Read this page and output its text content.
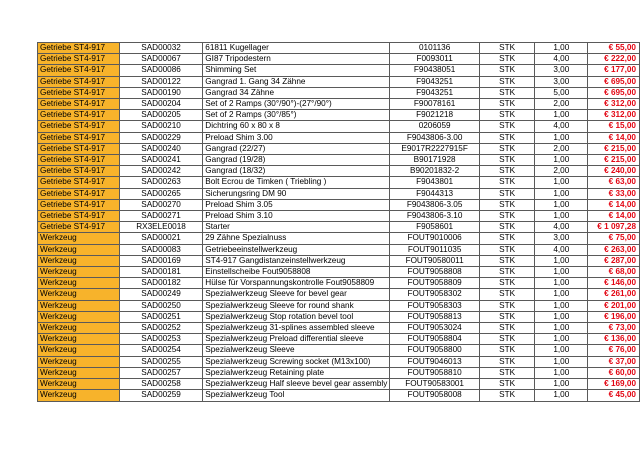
Getriebe ST4-917	SAD00032	61811 Kugellager	0101136	STK	1,00	€ 55,00
Getriebe ST4-917	SAD00067	GI87 Tripodestern	F0093011	STK	4,00	€ 222,00
Getriebe ST4-917	SAD00086	Shimming Set	F90438051	STK	3,00	€ 177,00
Getriebe ST4-917	SAD00122	Gangrad 1. Gang 34 Zähne	F9043251	STK	3,00	€ 695,00
Getriebe ST4-917	SAD00190	Gangrad 34 Zähne	F9043251	STK	5,00	€ 695,00
Getriebe ST4-917	SAD00204	Set of 2 Ramps (30°/90°)-(27°/90°)	F90078161	STK	2,00	€ 312,00
Getriebe ST4-917	SAD00205	Set of 2 Ramps (30°/85°)	F9021218	STK	1,00	€ 312,00
Getriebe ST4-917	SAD00210	Dichtring 60 x 80 x 8	0206059	STK	4,00	€ 15,00
Getriebe ST4-917	SAD00229	Preload Shim 3.00	F9043806-3.00	STK	1,00	€ 14,00
Getriebe ST4-917	SAD00240	Gangrad (22/27)	E9017R2227915F	STK	2,00	€ 215,00
Getriebe ST4-917	SAD00241	Gangrad (19/28)	B90171928	STK	1,00	€ 215,00
Getriebe ST4-917	SAD00242	Gangrad (18/32)	B90201832-2	STK	2,00	€ 240,00
Getriebe ST4-917	SAD00263	Bolt Ecrou de Timken ( Triebling )	F9043801	STK	1,00	€ 63,00
Getriebe ST4-917	SAD00265	Sicherungsring DM 90	F9044313	STK	1,00	€ 33,00
Getriebe ST4-917	SAD00270	Preload Shim 3.05	F9043806-3.05	STK	1,00	€ 14,00
Getriebe ST4-917	SAD00271	Preload Shim 3.10	F9043806-3.10	STK	1,00	€ 14,00
Getriebe ST4-917	RX3ELE0018	Starter	F9058601	STK	4,00	€ 1 097,28
Werkzeug	SAD00021	29 Zähne Spezialnuss	FOUT9010006	STK	3,00	€ 75,00
Werkzeug	SAD00083	Getriebeeinstellwerkzeug	FOUT9011035	STK	4,00	€ 263,00
Werkzeug	SAD00169	ST4-917 Gangdistanzeinstellwerkzeug	FOUT90580011	STK	1,00	€ 287,00
Werkzeug	SAD00181	Einstellscheibe Fout9058808	FOUT9058808	STK	1,00	€ 68,00
Werkzeug	SAD00182	Hülse für Vorspannungskontrolle Fout9058809	FOUT9058809	STK	1,00	€ 146,00
Werkzeug	SAD00249	Spezialwerkzeug Sleeve for bevel gear	FOUT9058302	STK	1,00	€ 261,00
Werkzeug	SAD00250	Spezialwerkzeug Sleeve for round shank	FOUT9058303	STK	1,00	€ 201,00
Werkzeug	SAD00251	Spezialwerkzeug Stop rotation bevel tool	FOUT9058813	STK	1,00	€ 196,00
Werkzeug	SAD00252	Spezialwerkzeug 31-splines assembled sleeve	FOUT9053024	STK	1,00	€ 73,00
Werkzeug	SAD00253	Spezialwerkzeug Preload differential sleeve	FOUT9058804	STK	1,00	€ 136,00
Werkzeug	SAD00254	Spezialwerkzeug Sleeve	FOUT9058800	STK	1,00	€ 76,00
Werkzeug	SAD00255	Spezialwerkzeug Screwing socket (M13x100)	FOUT9046013	STK	1,00	€ 37,00
Werkzeug	SAD00257	Spezialwerkzeug Retaining plate	FOUT9058810	STK	1,00	€ 60,00
Werkzeug	SAD00258	Spezialwerkzeug Half sleeve bevel gear assembly	FOUT90583001	STK	1,00	€ 169,00
Werkzeug	SAD00259	Spezialwerkzeug Tool	FOUT9058008	STK	1,00	€ 45,00
